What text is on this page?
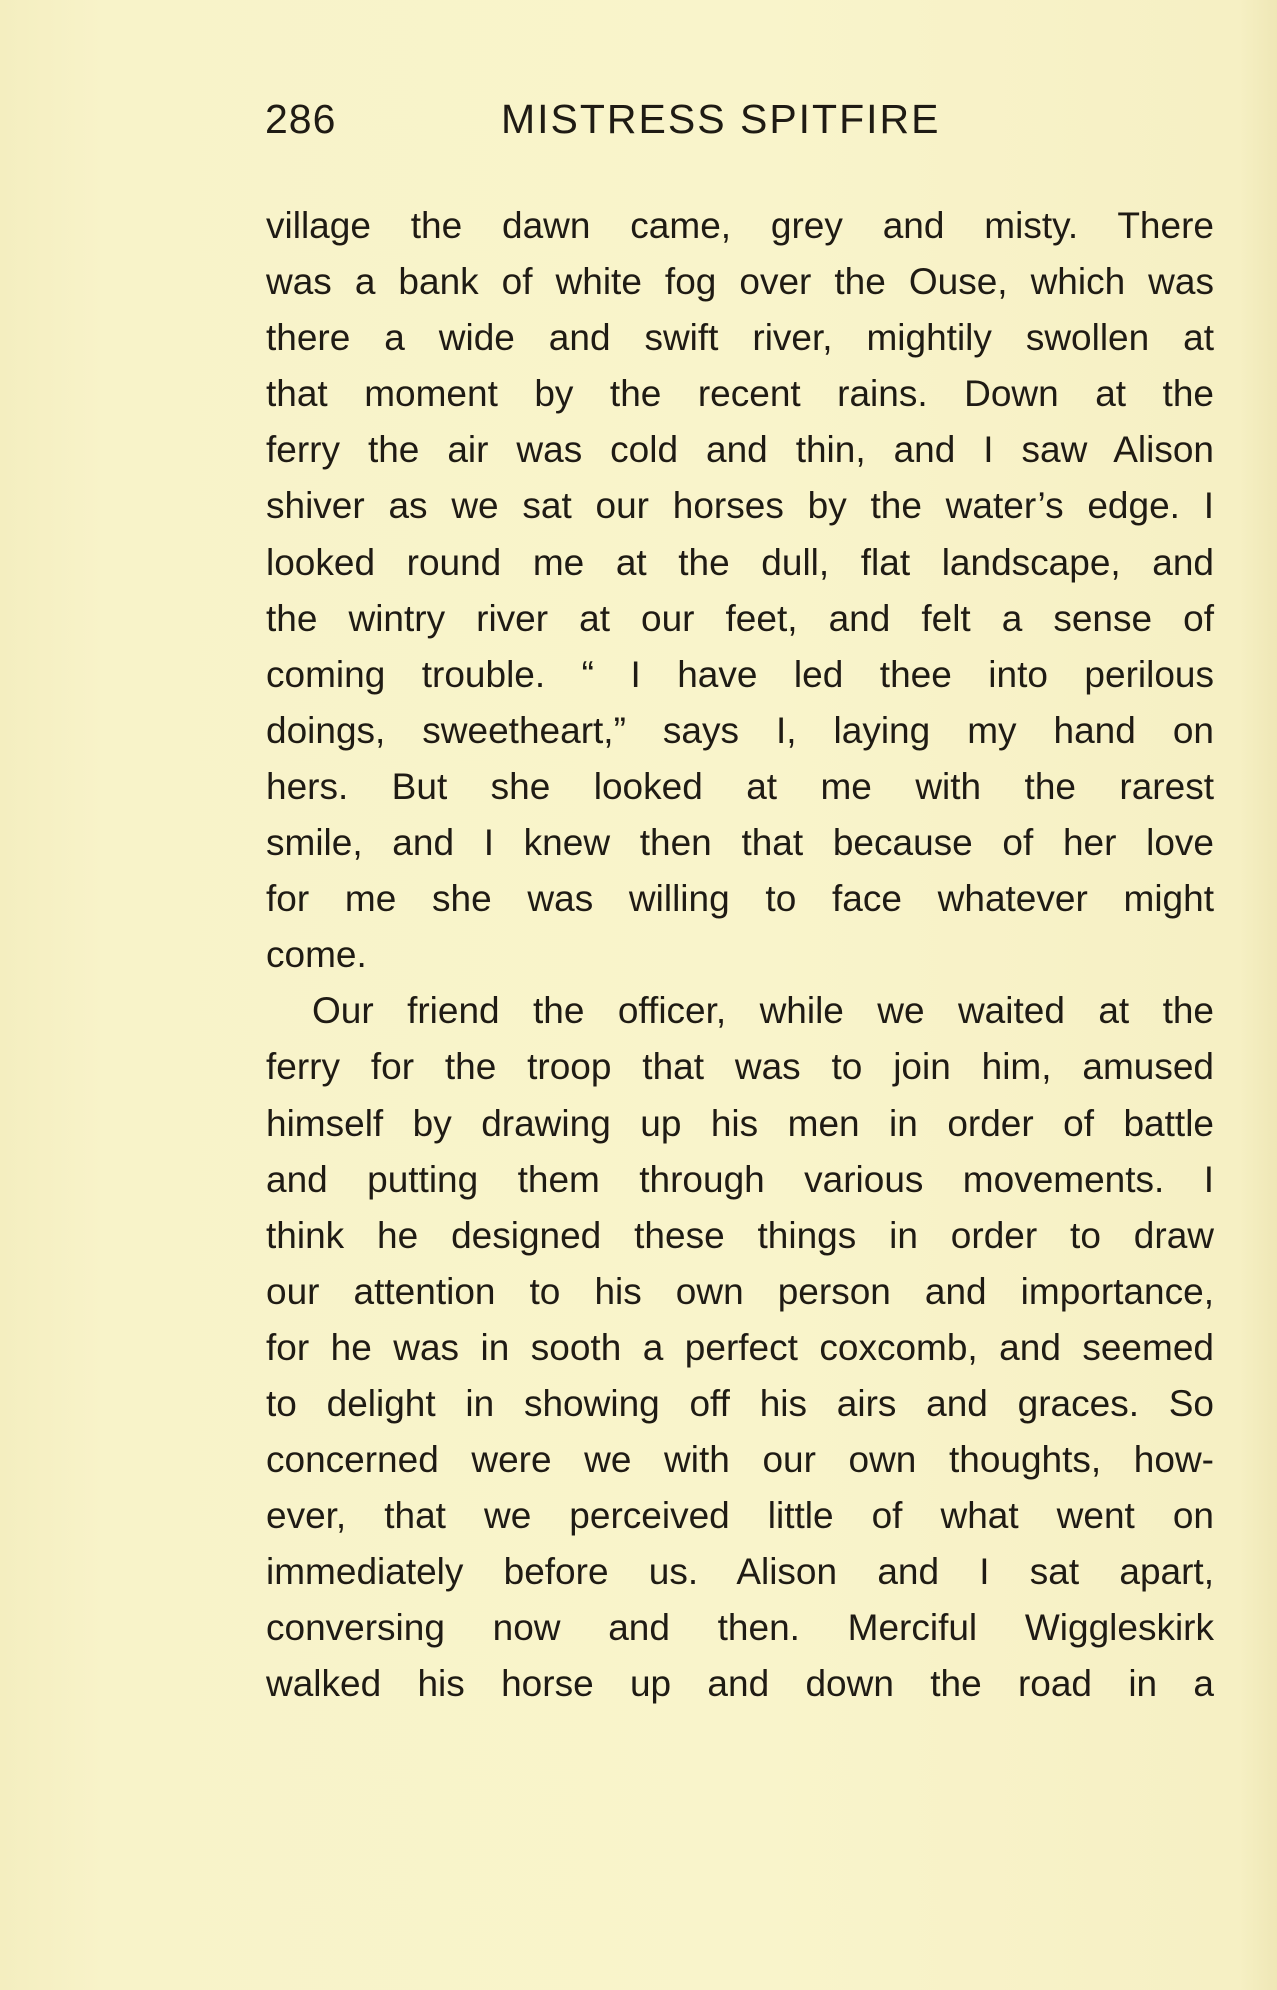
286	MISTRESS SPITFIRE
village the dawn came, grey and misty. There
was a bank of white fog over the Ouse, which was
there a wide and swift river, mightily swollen at
that moment by the recent rains. Down at the
ferry the air was cold and thin, and I saw Alison
shiver as we sat our horses by the water’s edge. I
looked round me at the dull, flat landscape, and
the wintry river at our feet, and felt a sense of
coming trouble. “ I have led thee into perilous
doings, sweetheart,” says I, laying my hand on
hers. But she looked at me with the rarest
smile, and I knew then that because of her love
for me she was willing to face whatever might
come.
Our friend the officer, while we waited at the
ferry for the troop that was to join him, amused
himself by drawing up his men in order of battle
and putting them through various movements. I
think he designed these things in order to draw
our attention to his own person and importance,
for he was in sooth a perfect coxcomb, and seemed
to delight in showing off his airs and graces. So
concerned were we with our own thoughts, how-
ever, that we perceived little of what went on
immediately before us. Alison and I sat apart,
conversing now and then. Merciful Wiggleskirk
walked his horse up and down the road in a
